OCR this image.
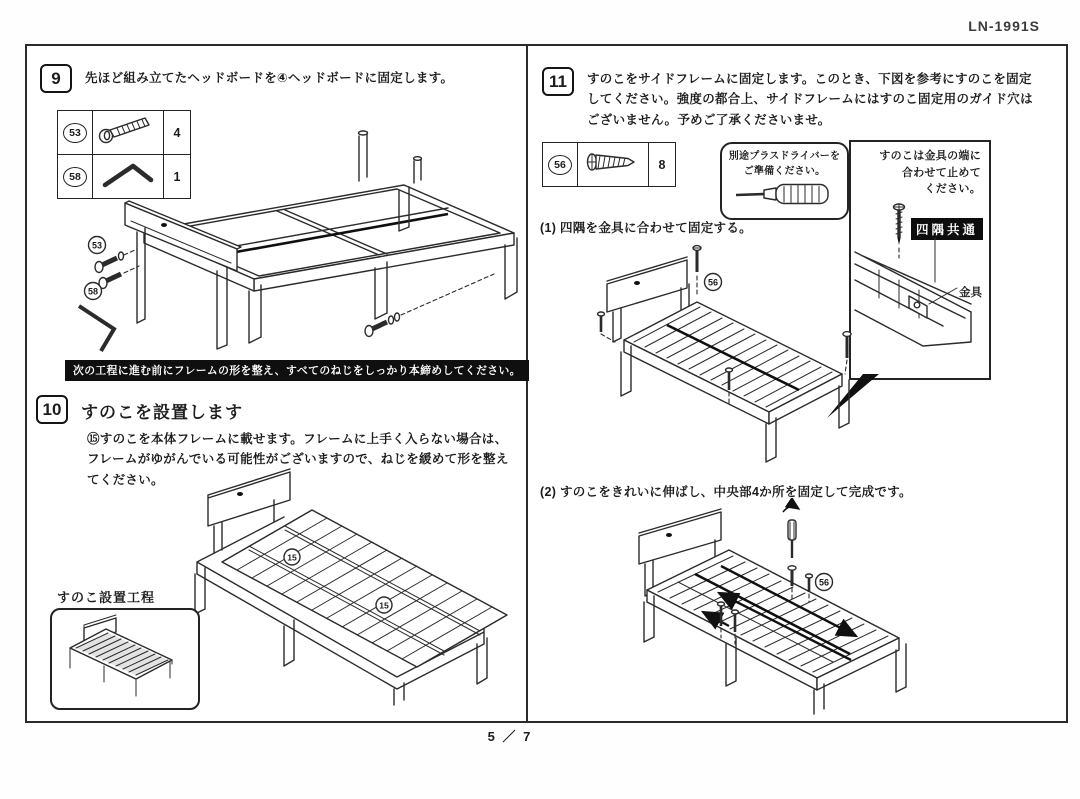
LN-1991S
9	先ほど組み立てたヘッドボードを④ヘッドボードに固定します。
53		4
58		1
53
58
次の工程に進む前にフレームの形を整え、すべてのねじをしっかり本締めしてください。
10	すのこを設置します
⑮すのこを本体フレームに載せます。フレームに上手く入らない場合は、
フレームがゆがんでいる可能性がございますので、ねじを緩めて形を整えてください。
15
15
すのこ設置工程
11	すのこをサイドフレームに固定します。このとき、下図を参考にすのこを固定
してください。強度の都合上、サイドフレームにはすのこ固定用のガイド穴は
ございません。予めご了承くださいませ。
56		8
別途プラスドライバーを
ご準備ください。
すのこは金具の端に
合わせて止めて
ください。
四隅共通
金具
(1) 四隅を金具に合わせて固定する。
56
(2) すのこをきれいに伸ばし、中央部4か所を固定して完成です。
56
5 ／ 7
